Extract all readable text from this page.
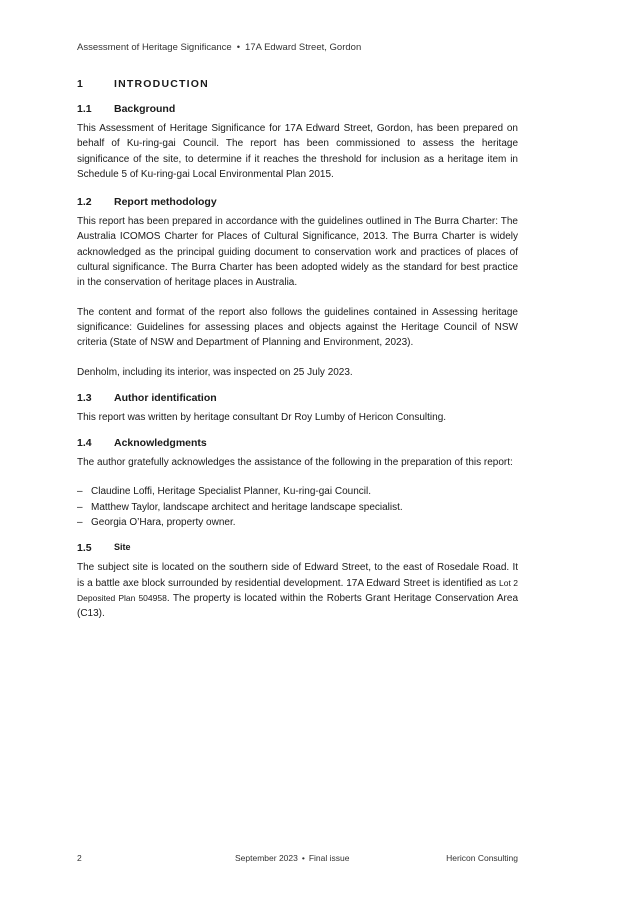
Assessment of Heritage Significance • 17A Edward Street, Gordon
1	INTRODUCTION
1.1	Background

This Assessment of Heritage Significance for 17A Edward Street, Gordon, has been prepared on behalf of Ku-ring-gai Council. The report has been commissioned to assess the heritage significance of the site, to determine if it reaches the threshold for inclusion as a heritage item in Schedule 5 of Ku-ring-gai Local Environmental Plan 2015.

1.2	Report methodology

This report has been prepared in accordance with the guidelines outlined in The Burra Charter: The Australia ICOMOS Charter for Places of Cultural Significance, 2013. The Burra Charter is widely acknowledged as the principal guiding document to conservation work and practices of places of cultural significance. The Burra Charter has been adopted widely as the standard for best practice in the conservation of heritage places in Australia.

The content and format of the report also follows the guidelines contained in Assessing heritage significance: Guidelines for assessing places and objects against the Heritage Council of NSW criteria (State of NSW and Department of Planning and Environment, 2023).

Denholm, including its interior, was inspected on 25 July 2023.

1.3	Author identification

This report was written by heritage consultant Dr Roy Lumby of Hericon Consulting.

1.4	Acknowledgments

The author gratefully acknowledges the assistance of the following in the preparation of this report:

– Claudine Loffi, Heritage Specialist Planner, Ku-ring-gai Council.
– Matthew Taylor, landscape architect and heritage landscape specialist.
– Georgia O’Hara, property owner.
1.5	Site

The subject site is located on the southern side of Edward Street, to the east of Rosedale Road. It is a battle axe block surrounded by residential development. 17A Edward Street is identified as Lot 2 Deposited Plan 504958. The property is located within the Roberts Grant Heritage Conservation Area (C13).

2	September 2023 • Final issue	Hericon Consulting
